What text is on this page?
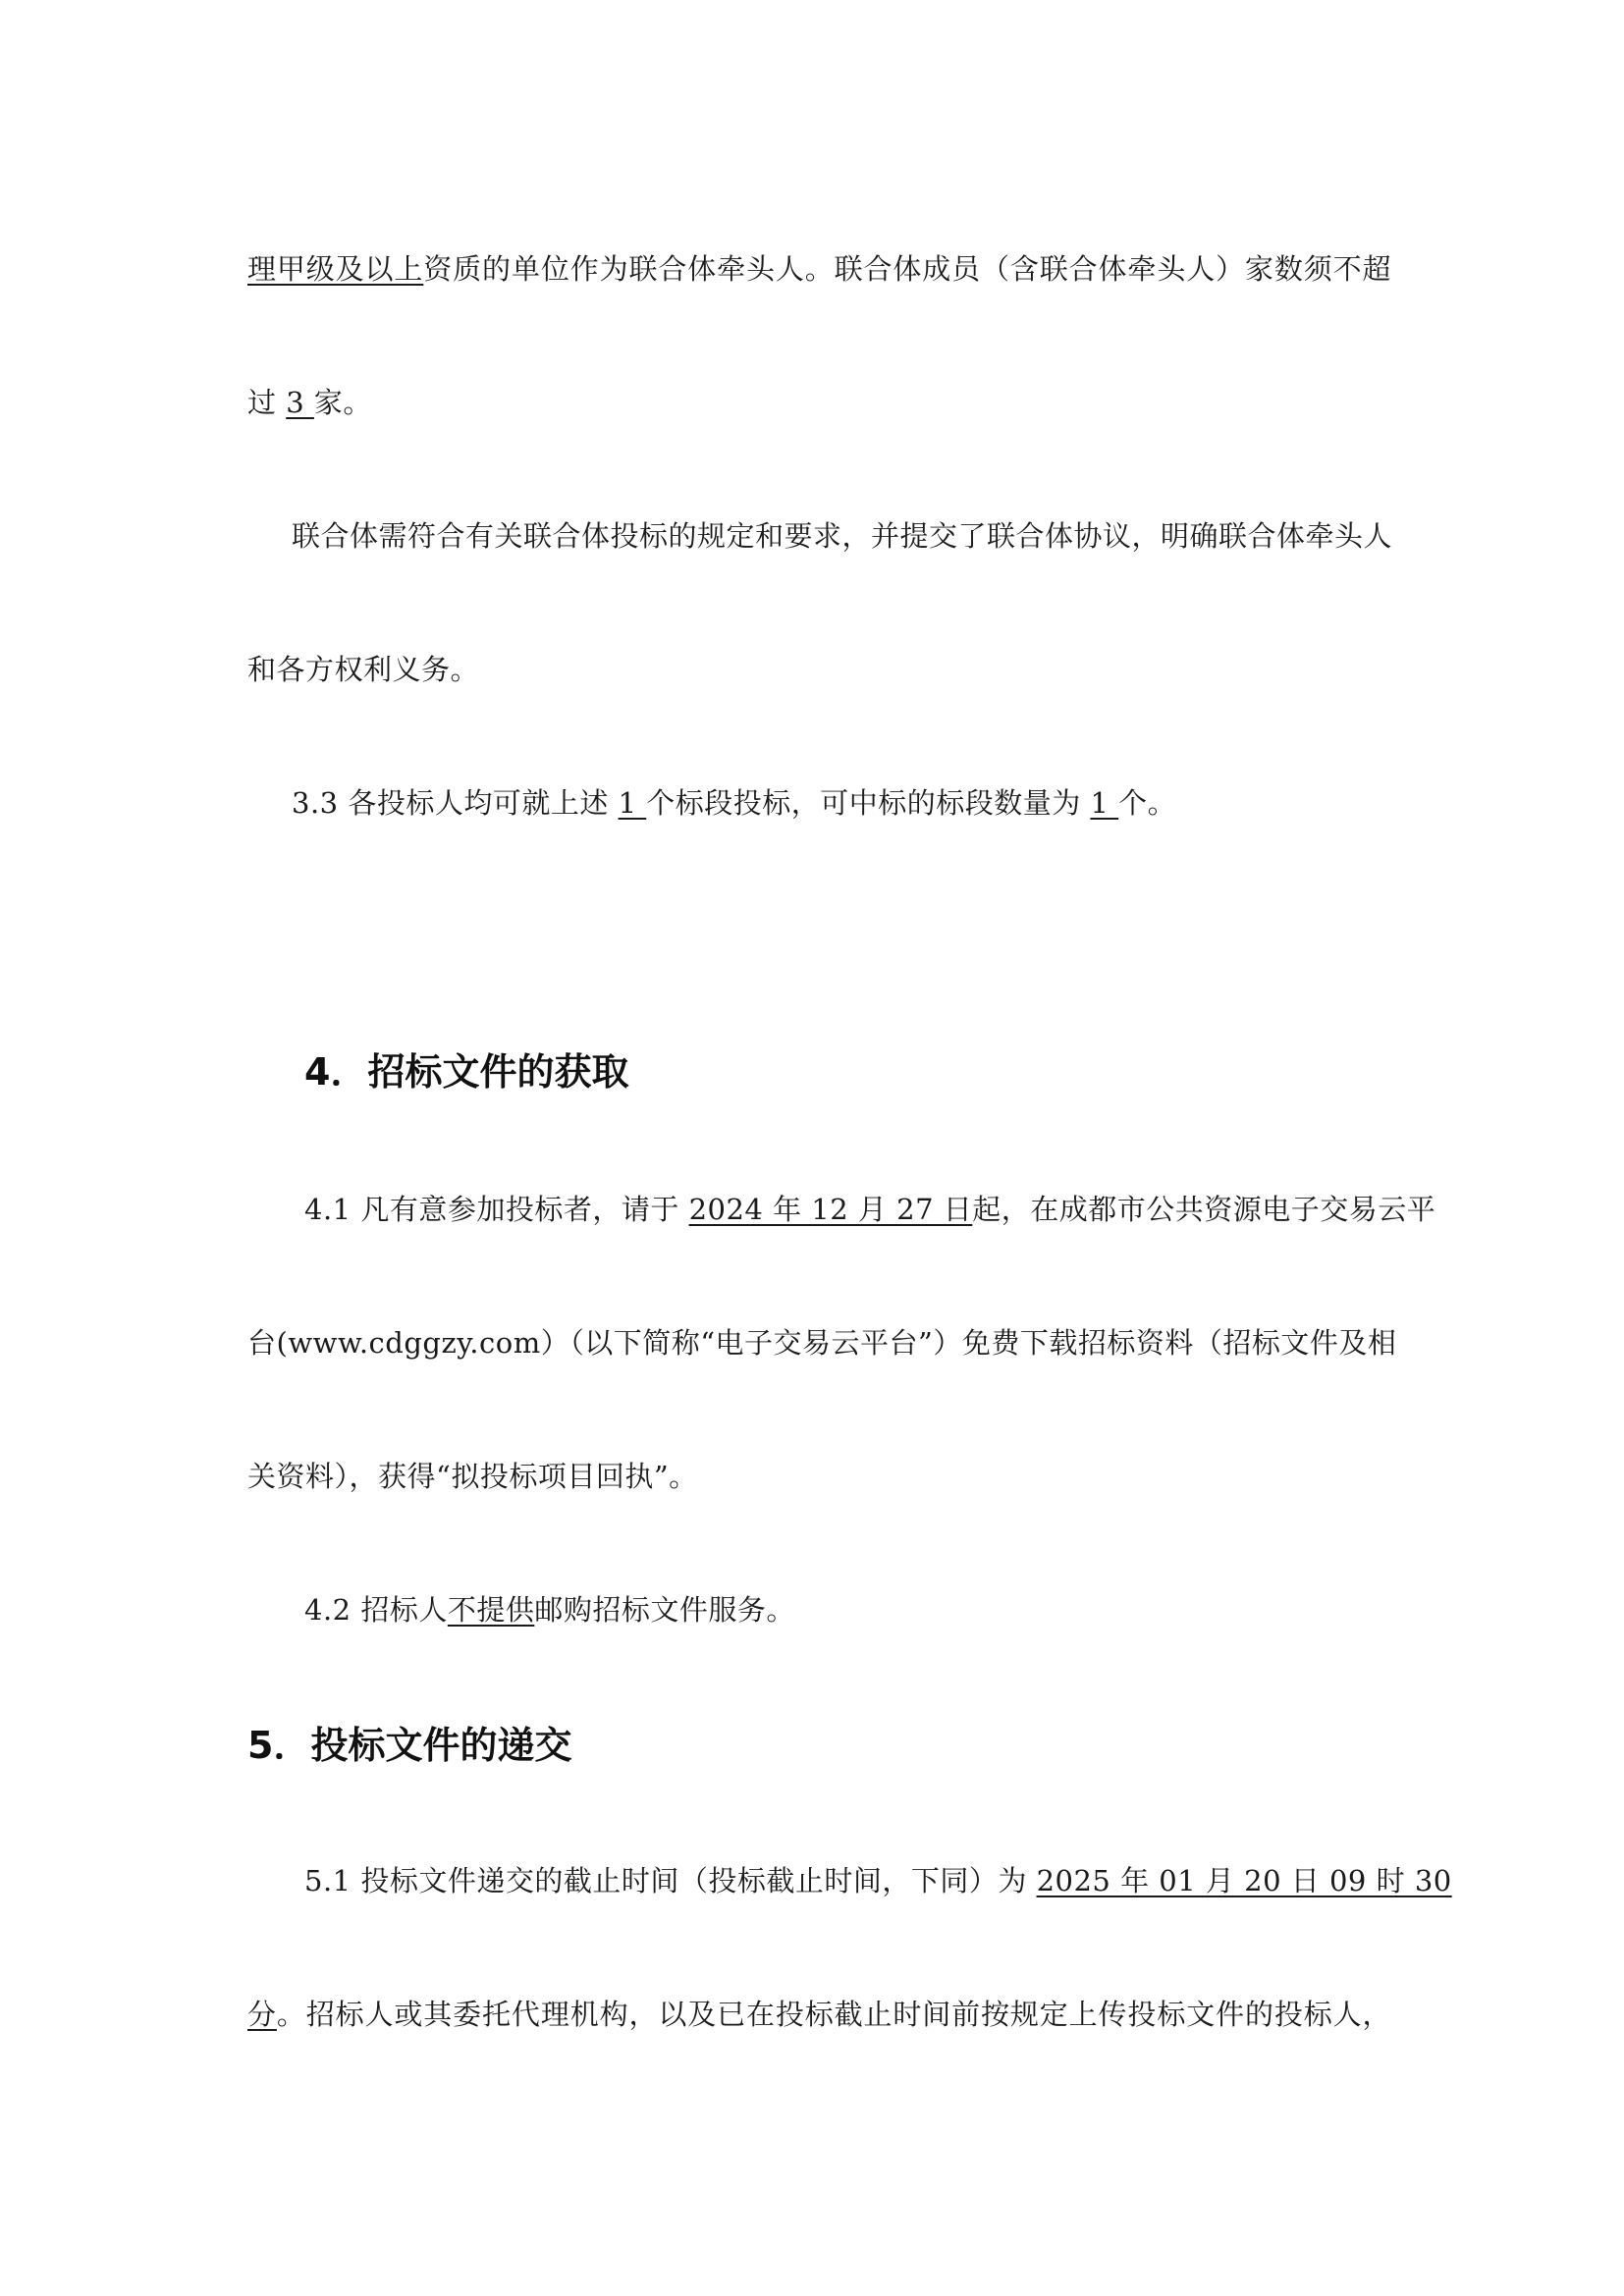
理甲级及以上资质的单位作为联合体牵头人。联合体成员（含联合体牵头人）家数须不超
过 3 家。
联合体需符合有关联合体投标的规定和要求，并提交了联合体协议，明确联合体牵头人
和各方权利义务。
3.3 各投标人均可就上述 1 个标段投标，可中标的标段数量为 1 个。
4．招标文件的获取
4.1 凡有意参加投标者，请于 2024 年 12 月 27 日起，在成都市公共资源电子交易云平
台(www.cdggzy.com）（以下简称“电子交易云平台”）免费下载招标资料（招标文件及相
关资料），获得“拟投标项目回执”。
4.2 招标人不提供邮购招标文件服务。
5．投标文件的递交
5.1 投标文件递交的截止时间（投标截止时间，下同）为 2025 年 01 月 20 日 09 时 30
分。招标人或其委托代理机构，以及已在投标截止时间前按规定上传投标文件的投标人，
